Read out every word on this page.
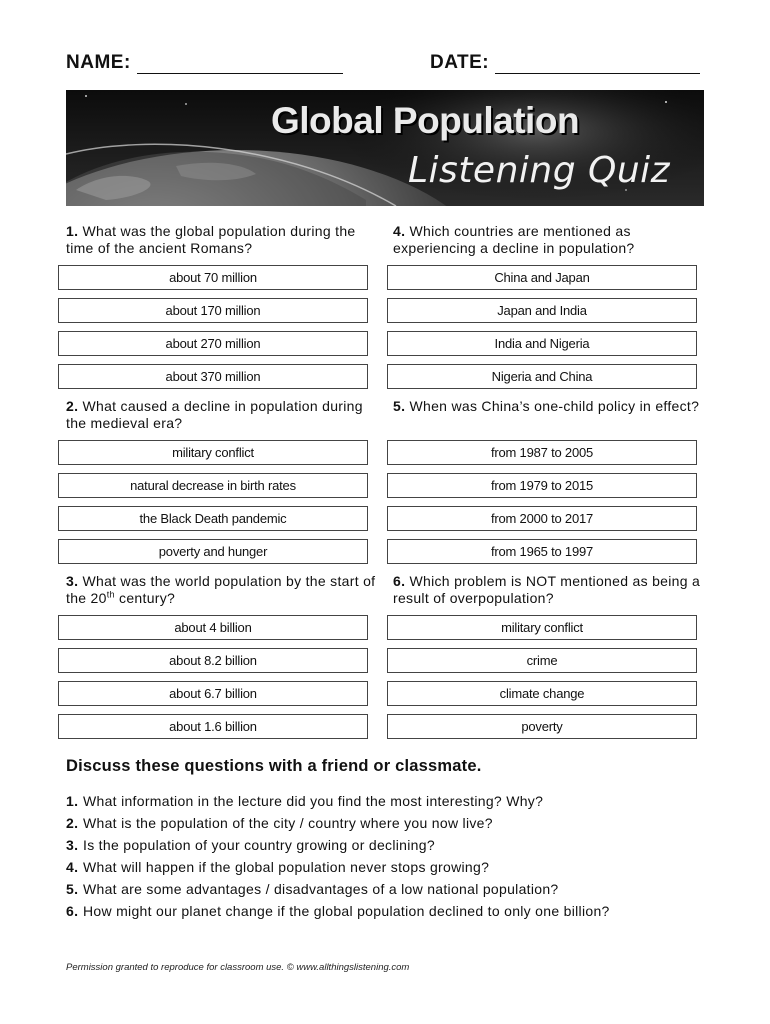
NAME:	DATE:
Global Population
Listening Quiz
1. What was the global population during the time of the ancient Romans?
about 70 million
about 170 million
about 270 million
about 370 million
2. What caused a decline in population during the medieval era?
military conflict
natural decrease in birth rates
the Black Death pandemic
poverty and hunger
3. What was the world population by the start of the 20th century?
about 4 billion
about 8.2 billion
about 6.7 billion
about 1.6 billion
4. Which countries are mentioned as experiencing a decline in population?
China and Japan
Japan and India
India and Nigeria
Nigeria and China
5. When was China’s one-child policy in effect?
from 1987 to 2005
from 1979 to 2015
from 2000 to 2017
from 1965 to 1997
6. Which problem is NOT mentioned as being a result of overpopulation?
military conflict
crime
climate change
poverty
Discuss these questions with a friend or classmate.
1. What information in the lecture did you find the most interesting? Why?
2. What is the population of the city / country where you now live?
3. Is the population of your country growing or declining?
4. What will happen if the global population never stops growing?
5. What are some advantages / disadvantages of a low national population?
6. How might our planet change if the global population declined to only one billion?
Permission granted to reproduce for classroom use. © www.allthingslistening.com
